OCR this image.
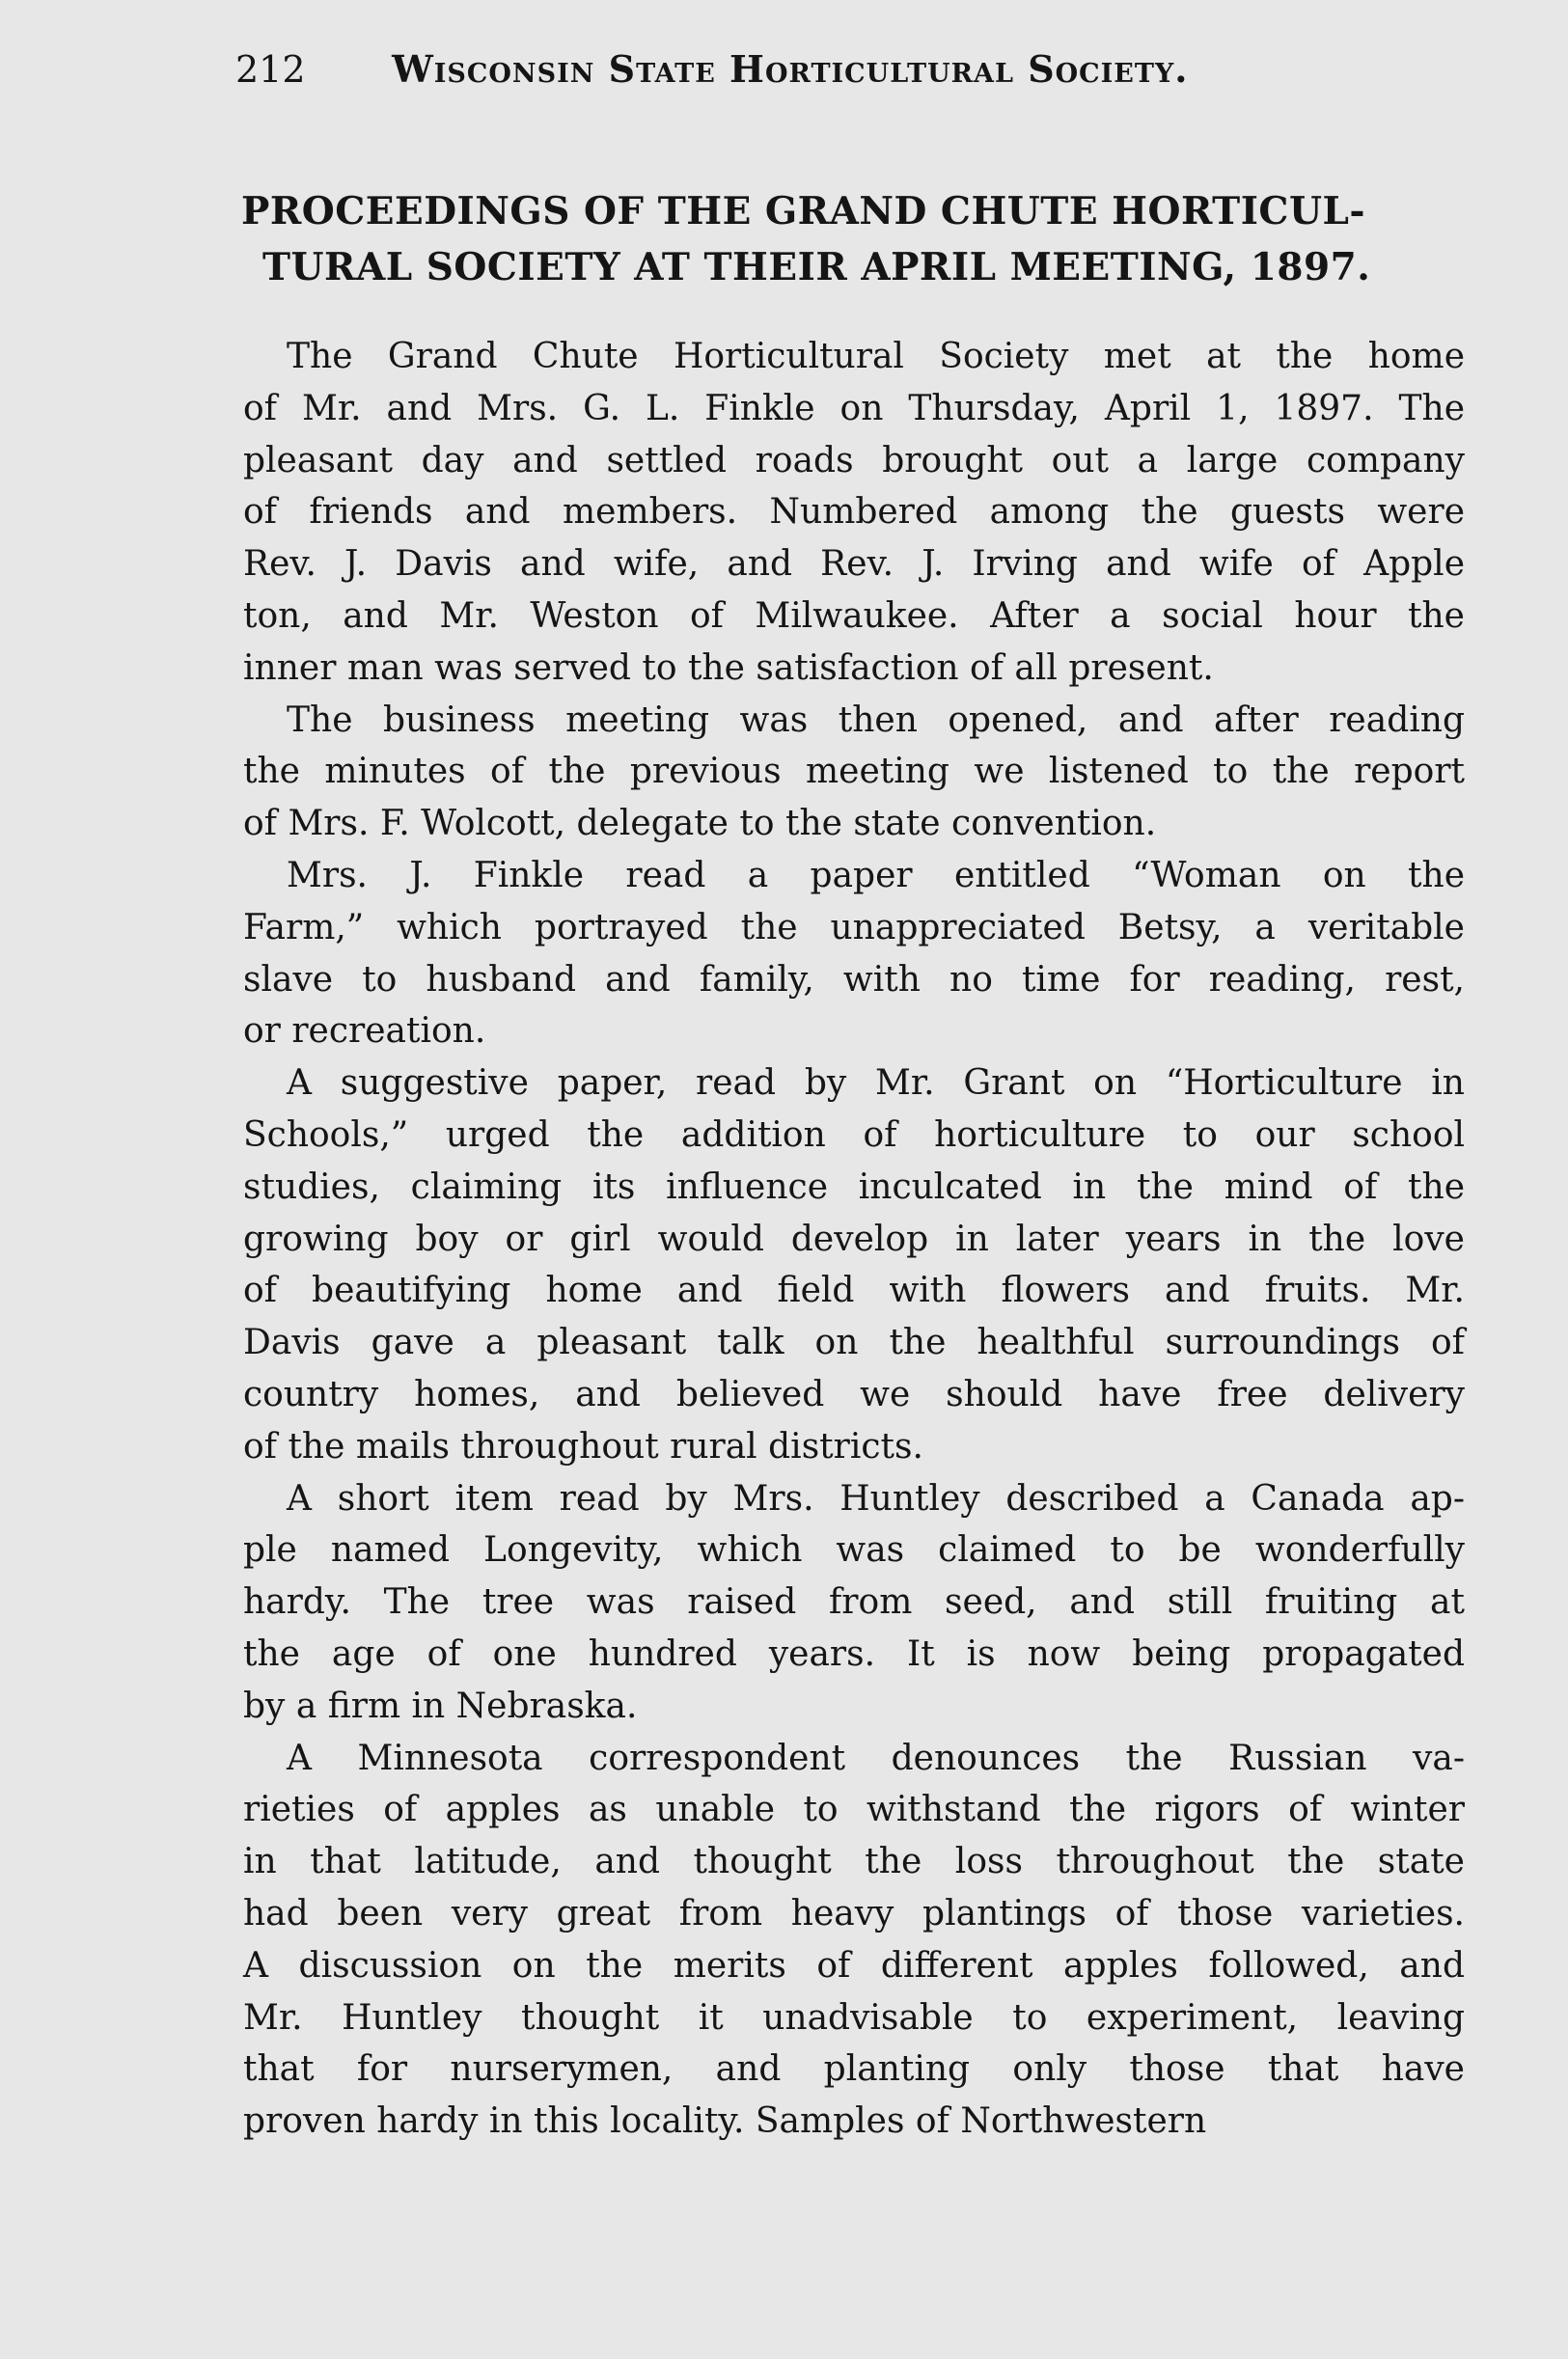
212 Wisconsin State Horticultural Society.
PROCEEDINGS OF THE GRAND CHUTE HORTICUL-
TURAL SOCIETY AT THEIR APRIL MEETING, 1897.

The Grand Chute Horticultural Society met at the home
of Mr. and Mrs. G. L. Finkle on Thursday, April 1, 1897. The
pleasant day and settled roads brought out a large company
of friends and members. Numbered among the guests were
Rev. J. Davis and wife, and Rev. J. Irving and wife of Apple
ton, and Mr. Weston of Milwaukee. After a social hour the
inner man was served to the satisfaction of all present.

The business meeting was then opened, and after reading
the minutes of the previous meeting we listened to the report
of Mrs. F. Wolcott, delegate to the state convention.

Mrs. J. Finkle read a paper entitled “Woman on the
Farm,” which portrayed the unappreciated Betsy, a veritable
slave to husband and family, with no time for reading, rest,
or recreation.

A suggestive paper, read by Mr. Grant on “Horticulture in
Schools,” urged the addition of horticulture to our school
studies, claiming its influence inculcated in the mind of the
growing boy or girl would develop in later years in the love
of beautifying home and field with flowers and fruits. Mr.
Davis gave a pleasant talk on the healthful surroundings of
country homes, and believed we should have free delivery
of the mails throughout rural districts.

A short item read by Mrs. Huntley described a Canada ap-
ple named Longevity, which was claimed to be wonderfully
hardy. The tree was raised from seed, and still fruiting at
the age of one hundred years. It is now being propagated
by a firm in Nebraska.

A Minnesota correspondent denounces the Russian va-
rieties of apples as unable to withstand the rigors of winter
in that latitude, and thought the loss throughout the state
had been very great from heavy plantings of those varieties.
A discussion on the merits of different apples followed, and
Mr. Huntley thought it unadvisable to experiment, leaving
that for nurserymen, and planting only those that have
proven hardy in this locality. Samples of Northwestern
